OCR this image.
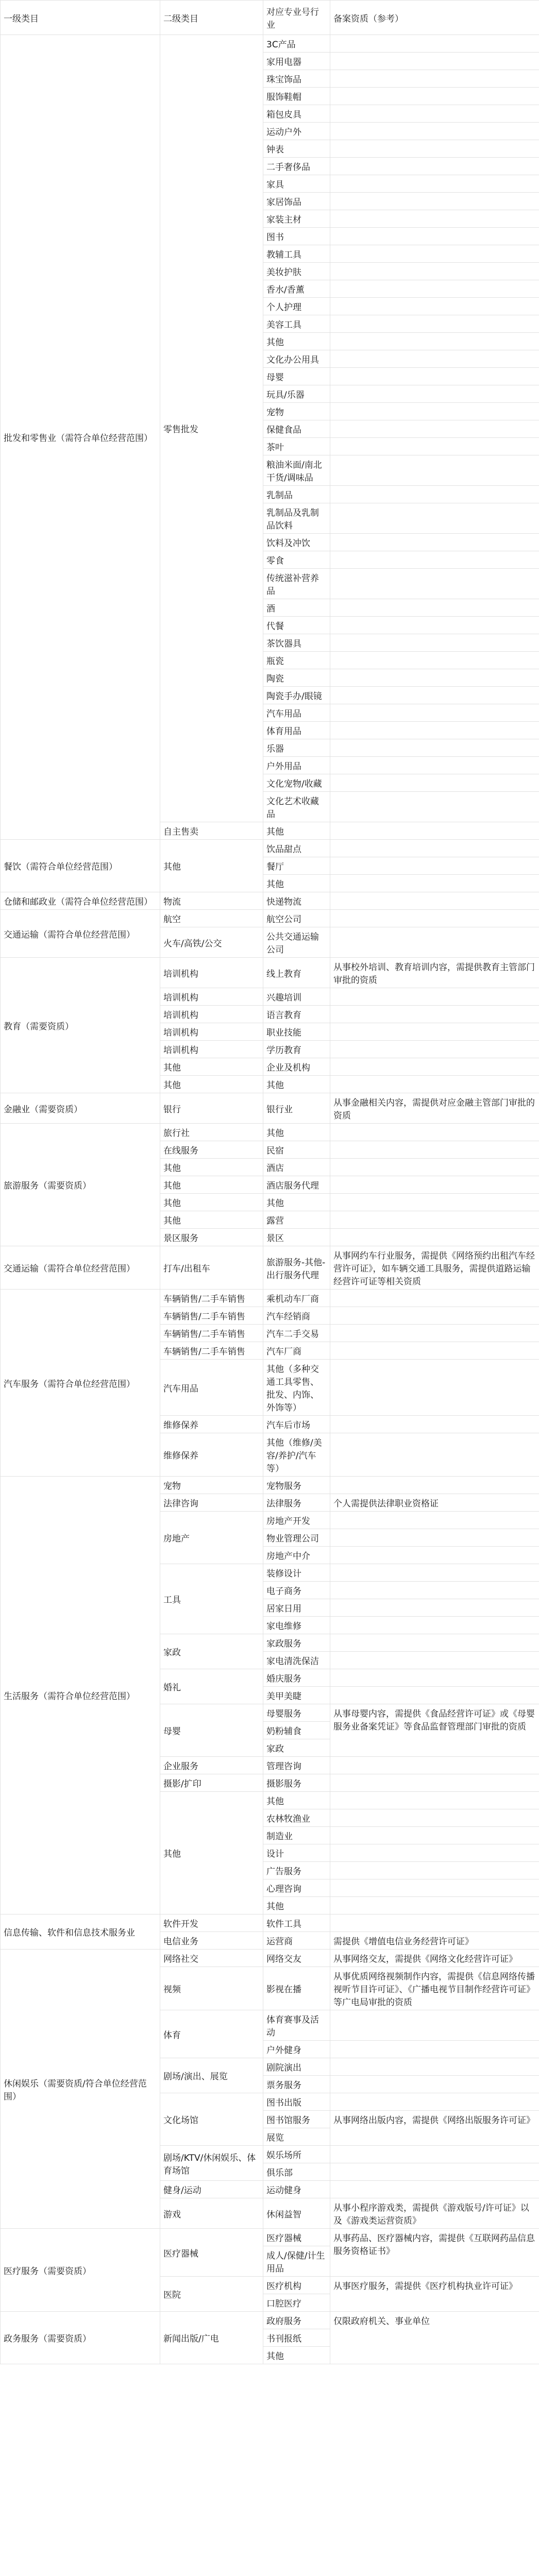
一级类目	二级类目	对应专业号行业	备案资质（参考）
批发和零售业（需符合单位经营范围）	零售批发	3C产品	
		家用电器	
		珠宝饰品	
		服饰鞋帽	
		箱包皮具	
		运动户外	
		钟表	
		二手奢侈品	
		家具	
		家居饰品	
		家装主材	
		图书	
		教辅工具	
		美妆护肤	
		香水/香薰	
		个人护理	
		美容工具	
		其他	
		文化办公用具	
		母婴	
		玩具/乐器	
		宠物	
		保健食品	
		茶叶	
		粮油米面/南北干货/调味品	
		乳制品	
		乳制品及乳制品饮料	
		饮料及冲饮	
		零食	
		传统滋补营养品	
		酒	
		代餐	
		茶饮器具	
		瓶瓷	
		陶瓷	
		陶瓷手办/眼镜	
		汽车用品	
		体育用品	
		乐器	
		户外用品	
		文化宠物/收藏	
		文化艺术收藏品	
	自主售卖	其他	
餐饮（需符合单位经营范围）	其他	饮品甜点	
		餐厅	
		其他	
仓储和邮政业（需符合单位经营范围）	物流	快递物流	
交通运输（需符合单位经营范围）	航空	航空公司	
	火车/高铁/公交	公共交通运输公司	
教育（需要资质）	培训机构	线上教育	从事校外培训、教育培训内容，需提供教育主管部门审批的资质
	培训机构	兴趣培训	
	培训机构	语言教育	
	培训机构	职业技能	
	培训机构	学历教育	
	其他	企业及机构	
	其他	其他	
金融业（需要资质）	银行	银行业	从事金融相关内容，需提供对应金融主管部门审批的资质
旅游服务（需要资质）	旅行社	其他	
	在线服务	民宿	
	其他	酒店	
	其他	酒店服务代理	
	其他	其他	
	其他	露营	
	景区服务	景区	
交通运输（需符合单位经营范围）	打车/出租车	旅游服务-其他-出行服务代理	从事网约车行业服务，需提供《网络预约出租汽车经营许可证》，如车辆交通工具服务，需提供道路运输经营许可证等相关资质
汽车服务（需符合单位经营范围）	车辆销售/二手车销售	乘机动车厂商	
	车辆销售/二手车销售	汽车经销商	
	车辆销售/二手车销售	汽车二手交易	
	车辆销售/二手车销售	汽车厂商	
	汽车用品	其他（多种交通工具零售、批发、内饰、外饰等）	
	维修保养	汽车后市场	
	维修保养	其他（维修/美容/养护/汽车等）	
生活服务（需符合单位经营范围）	宠物	宠物服务	
	法律咨询	法律服务	个人需提供法律职业资格证
	房地产	房地产开发	
		物业管理公司	
		房地产中介	
	工具	装修设计	
		电子商务	
		居家日用	
		家电维修	
	家政	家政服务	
		家电清洗保洁	
	婚礼	婚庆服务	
		美甲美睫	
	母婴	母婴服务	从事母婴内容，需提供《食品经营许可证》或《母婴服务业备案凭证》等食品监督管理部门审批的资质
		奶粉辅食	
		家政	
	企业服务	管理咨询	
	摄影/扩印	摄影服务	
	其他	其他	
		农林牧渔业	
		制造业	
		设计	
		广告服务	
		心理咨询	
		其他	
信息传输、软件和信息技术服务业	软件开发	软件工具	
	电信业务	运营商	需提供《增值电信业务经营许可证》
休闲娱乐（需要资质/符合单位经营范围）	网络社交	网络交友	从事网络交友，需提供《网络文化经营许可证》
	视频	影视在播	从事优质网络视频制作内容，需提供《信息网络传播视听节目许可证》、《广播电视节目制作经营许可证》等广电局审批的资质
	体育	体育赛事及活动	
		户外健身	
	剧场/演出、展览	剧院演出	
		票务服务	
	文化场馆	图书出版	
		图书馆服务	从事网络出版内容，需提供《网络出版服务许可证》
		展览	
	剧场/KTV/休闲娱乐、体育场馆	娱乐场所	
		俱乐部	
	健身/运动	运动健身	
	游戏	休闲益智	从事小程序游戏类，需提供《游戏版号/许可证》以及《游戏类运营资质》
医疗服务（需要资质）	医疗器械	医疗器械	从事药品、医疗器械内容，需提供《互联网药品信息服务资格证书》
		成人/保健/计生用品	
	医院	医疗机构	从事医疗服务，需提供《医疗机构执业许可证》
		口腔医疗	
政务服务（需要资质）	新闻出版/广电	政府服务	仅限政府机关、事业单位
		书刊报纸	
		其他	
